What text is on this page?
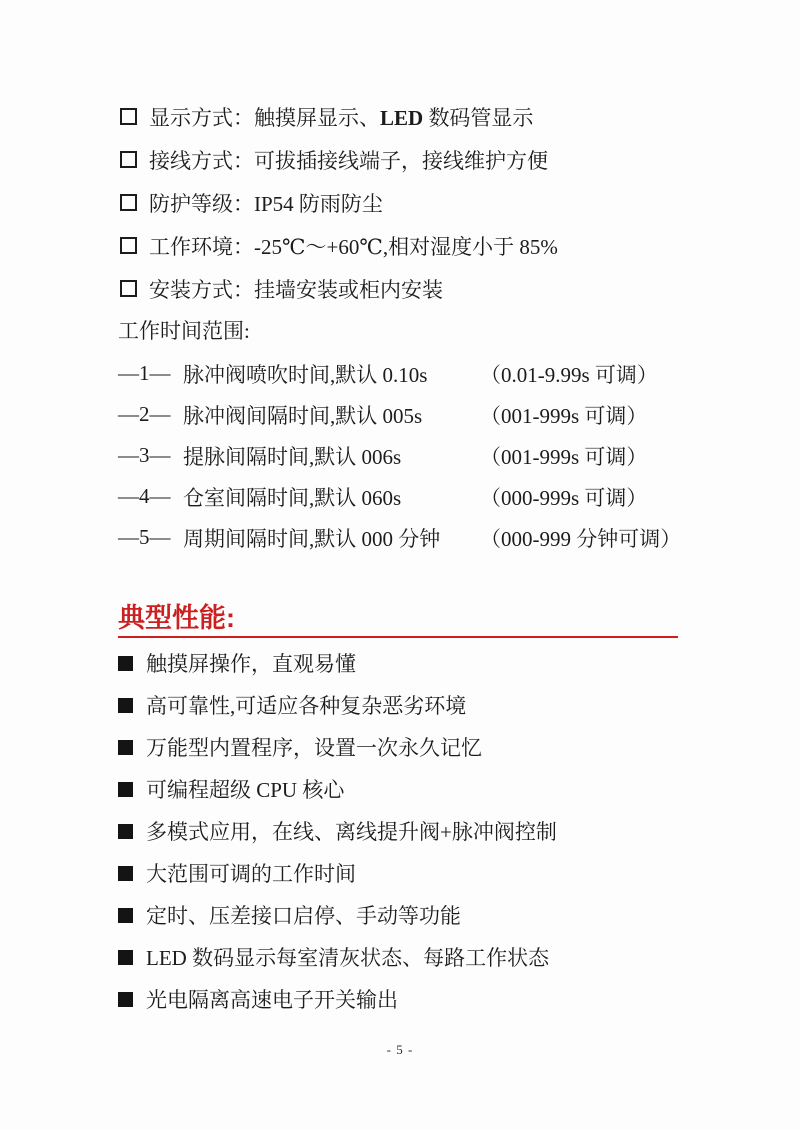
显示方式：触摸屏显示、LED 数码管显示
接线方式：可拔插接线端子，接线维护方便
防护等级：IP54 防雨防尘
工作环境：-25℃～+60℃,相对湿度小于 85%
安装方式：挂墙安装或柜内安装
工作时间范围:
—1— 脉冲阀喷吹时间,默认 0.10s	（0.01-9.99s 可调）
—2— 脉冲阀间隔时间,默认 005s	（001-999s 可调）
—3— 提脉间隔时间,默认 006s	（001-999s 可调）
—4— 仓室间隔时间,默认 060s	（000-999s 可调）
—5— 周期间隔时间,默认 000 分钟	（000-999 分钟可调）
典型性能:
触摸屏操作，直观易懂
高可靠性,可适应各种复杂恶劣环境
万能型内置程序，设置一次永久记忆
可编程超级 CPU 核心
多模式应用，在线、离线提升阀+脉冲阀控制
大范围可调的工作时间
定时、压差接口启停、手动等功能
LED 数码显示每室清灰状态、每路工作状态
光电隔离高速电子开关输出
- 5 -
